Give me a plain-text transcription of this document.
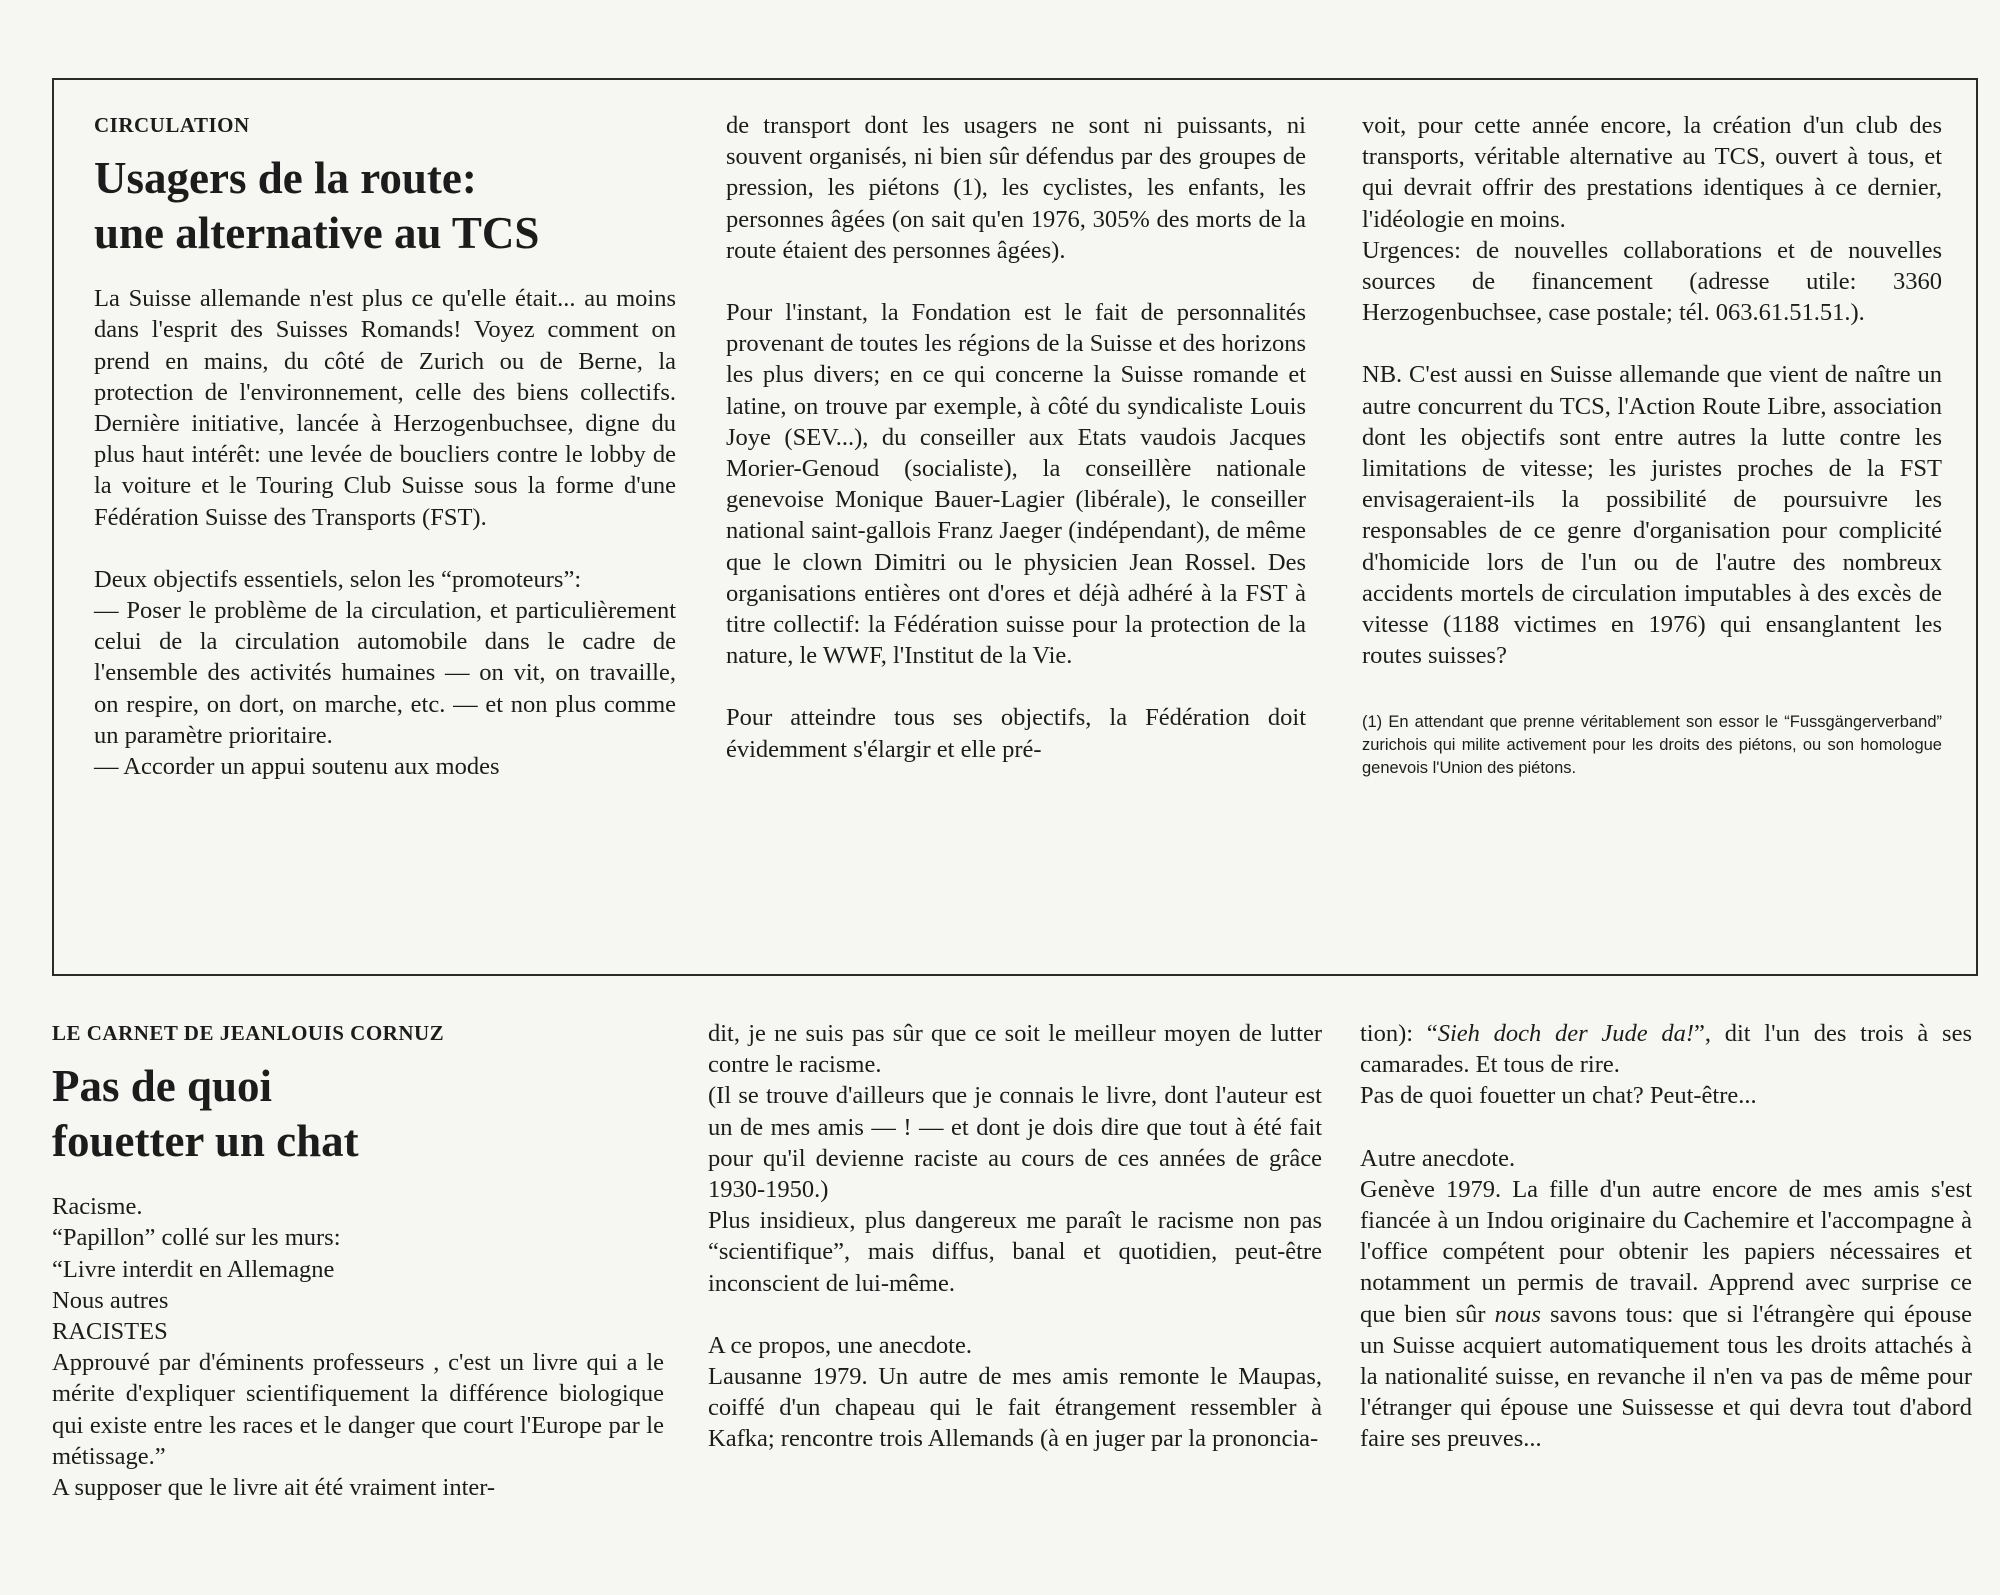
CIRCULATION
Usagers de la route:
une alternative au TCS

La Suisse allemande n'est plus ce qu'elle était... au moins dans l'esprit des Suisses Romands! Voyez comment on prend en mains, du côté de Zurich ou de Berne, la protection de l'environnement, celle des biens collectifs. Dernière initiative, lancée à Herzogenbuchsee, digne du plus haut intérêt: une levée de boucliers contre le lobby de la voiture et le Touring Club Suisse sous la forme d'une Fédération Suisse des Transports (FST).

Deux objectifs essentiels, selon les “promoteurs”:

— Poser le problème de la circulation, et particulièrement celui de la circulation automobile dans le cadre de l'ensemble des activités humaines — on vit, on travaille, on respire, on dort, on marche, etc. — et non plus comme un paramètre prioritaire.

— Accorder un appui soutenu aux modes

de transport dont les usagers ne sont ni puissants, ni souvent organisés, ni bien sûr défendus par des groupes de pression, les piétons (1), les cyclistes, les enfants, les personnes âgées (on sait qu'en 1976, 305% des morts de la route étaient des personnes âgées).

Pour l'instant, la Fondation est le fait de personnalités provenant de toutes les régions de la Suisse et des horizons les plus divers; en ce qui concerne la Suisse romande et latine, on trouve par exemple, à côté du syndicaliste Louis Joye (SEV...), du conseiller aux Etats vaudois Jacques Morier-Genoud (socialiste), la conseillère nationale genevoise Monique Bauer-Lagier (libérale), le conseiller national saint-gallois Franz Jaeger (indépendant), de même que le clown Dimitri ou le physicien Jean Rossel. Des organisations entières ont d'ores et déjà adhéré à la FST à titre collectif: la Fédération suisse pour la protection de la nature, le WWF, l'Institut de la Vie.

Pour atteindre tous ses objectifs, la Fédération doit évidemment s'élargir et elle pré-

voit, pour cette année encore, la création d'un club des transports, véritable alternative au TCS, ouvert à tous, et qui devrait offrir des prestations identiques à ce dernier, l'idéologie en moins.

Urgences: de nouvelles collaborations et de nouvelles sources de financement (adresse utile: 3360 Herzogenbuchsee, case postale; tél. 063.61.51.51.).

NB. C'est aussi en Suisse allemande que vient de naître un autre concurrent du TCS, l'Action Route Libre, association dont les objectifs sont entre autres la lutte contre les limitations de vitesse; les juristes proches de la FST envisageraient-ils la possibilité de poursuivre les responsables de ce genre d'organisation pour complicité d'homicide lors de l'un ou de l'autre des nombreux accidents mortels de circulation imputables à des excès de vitesse (1188 victimes en 1976) qui ensanglantent les routes suisses?

(1) En attendant que prenne véritablement son essor le “Fussgängerverband” zurichois qui milite activement pour les droits des piétons, ou son homologue genevois l'Union des piétons.
LE CARNET DE JEANLOUIS CORNUZ
Pas de quoi
fouetter un chat
Racisme.
“Papillon” collé sur les murs:
“Livre interdit en Allemagne
Nous autres
RACISTES

Approuvé par d'éminents professeurs , c'est un livre qui a le mérite d'expliquer scientifiquement la différence biologique qui existe entre les races et le danger que court l'Europe par le métissage.”

A supposer que le livre ait été vraiment inter-

dit, je ne suis pas sûr que ce soit le meilleur moyen de lutter contre le racisme.

(Il se trouve d'ailleurs que je connais le livre, dont l'auteur est un de mes amis — ! — et dont je dois dire que tout à été fait pour qu'il devienne raciste au cours de ces années de grâce 1930-1950.)

Plus insidieux, plus dangereux me paraît le racisme non pas “scientifique”, mais diffus, banal et quotidien, peut-être inconscient de lui-même.

A ce propos, une anecdote.

Lausanne 1979. Un autre de mes amis remonte le Maupas, coiffé d'un chapeau qui le fait étrangement ressembler à Kafka; rencontre trois Allemands (à en juger par la prononcia-

tion): “Sieh doch der Jude da!”, dit l'un des trois à ses camarades. Et tous de rire.

Pas de quoi fouetter un chat? Peut-être...

Autre anecdote.

Genève 1979. La fille d'un autre encore de mes amis s'est fiancée à un Indou originaire du Cachemire et l'accompagne à l'office compétent pour obtenir les papiers nécessaires et notamment un permis de travail. Apprend avec surprise ce que bien sûr nous savons tous: que si l'étrangère qui épouse un Suisse acquiert automatiquement tous les droits attachés à la nationalité suisse, en revanche il n'en va pas de même pour l'étranger qui épouse une Suissesse et qui devra tout d'abord faire ses preuves...
